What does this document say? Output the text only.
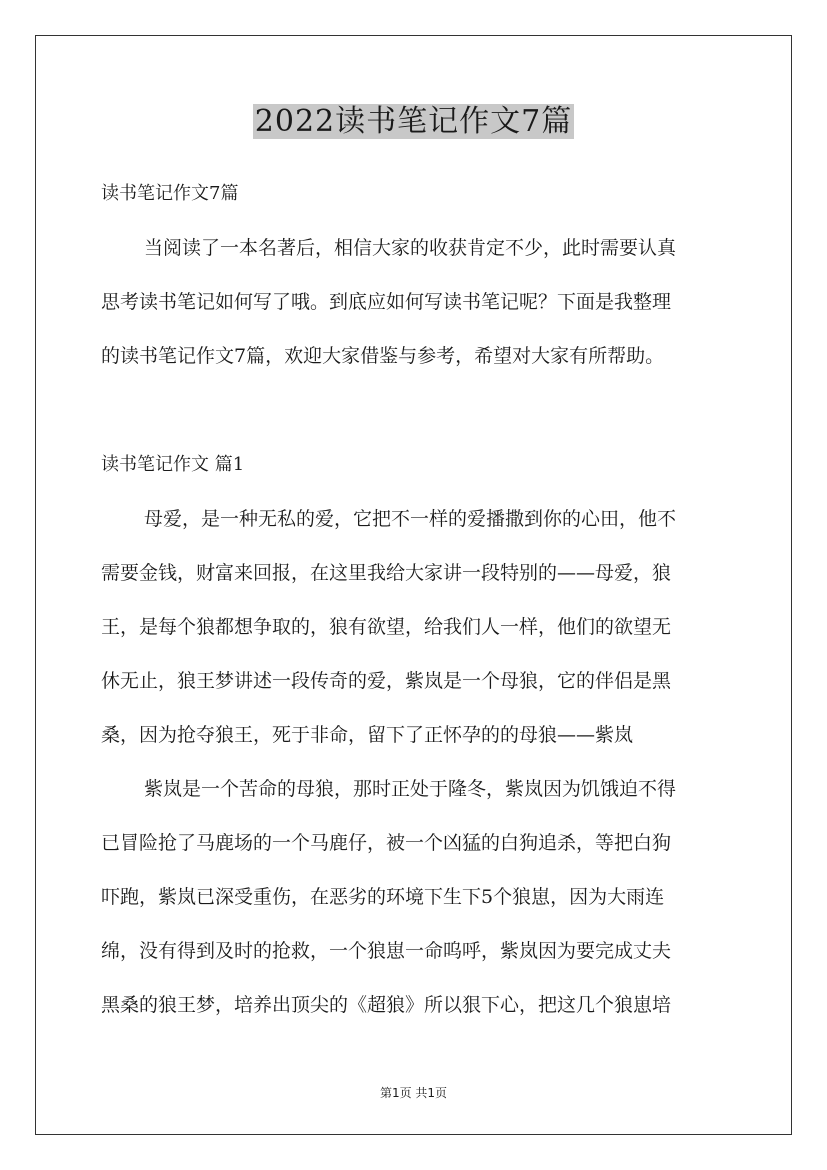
2022读书笔记作文7篇
读书笔记作文7篇
当阅读了一本名著后，相信大家的收获肯定不少，此时需要认真
思考读书笔记如何写了哦。到底应如何写读书笔记呢？下面是我整理
的读书笔记作文7篇，欢迎大家借鉴与参考，希望对大家有所帮助。
读书笔记作文 篇1
母爱，是一种无私的爱，它把不一样的爱播撒到你的心田，他不
需要金钱，财富来回报，在这里我给大家讲一段特别的——母爱，狼
王，是每个狼都想争取的，狼有欲望，给我们人一样，他们的欲望无
休无止，狼王梦讲述一段传奇的爱，紫岚是一个母狼，它的伴侣是黑
桑，因为抢夺狼王，死于非命，留下了正怀孕的的母狼——紫岚
紫岚是一个苦命的母狼，那时正处于隆冬，紫岚因为饥饿迫不得
已冒险抢了马鹿场的一个马鹿仔，被一个凶猛的白狗追杀，等把白狗
吓跑，紫岚已深受重伤，在恶劣的环境下生下5个狼崽，因为大雨连
绵，没有得到及时的抢救，一个狼崽一命呜呼，紫岚因为要完成丈夫
黑桑的狼王梦，培养出顶尖的《超狼》所以狠下心，把这几个狼崽培
第1页 共1页
